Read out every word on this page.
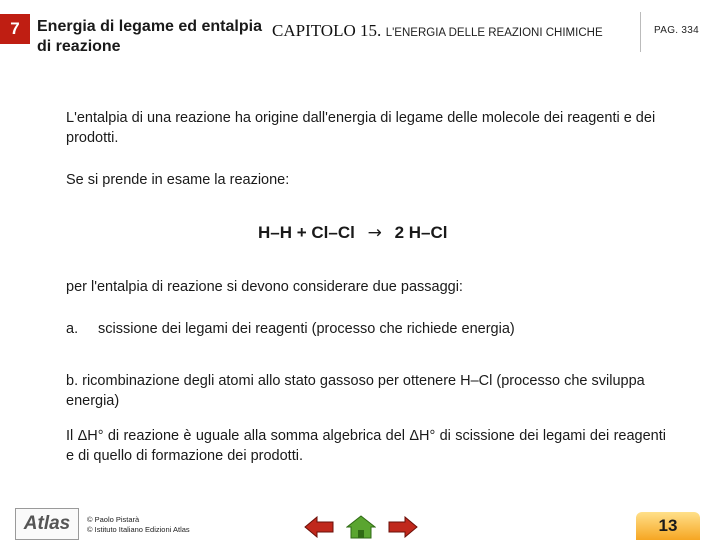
7	Energia di legame ed entalpia di reazione
CAPITOLO 15. L'ENERGIA DELLE REAZIONI CHIMICHE	PAG. 334
L'entalpia di una reazione ha origine dall'energia di legame delle molecole dei reagenti e dei prodotti.
Se si prende in esame la reazione:
H–H + Cl–Cl → 2 H–Cl
per l'entalpia di reazione si devono considerare due passaggi:
a. scissione dei legami dei reagenti (processo che richiede energia)
b. ricombinazione degli atomi allo stato gassoso per ottenere H–Cl (processo che sviluppa energia)
Il ΔH° di reazione è uguale alla somma algebrica del ΔH° di scissione dei legami dei reagenti e di quello di formazione dei prodotti.
Atlas	© Paolo Pistarà
© Istituto Italiano Edizioni Atlas	13
